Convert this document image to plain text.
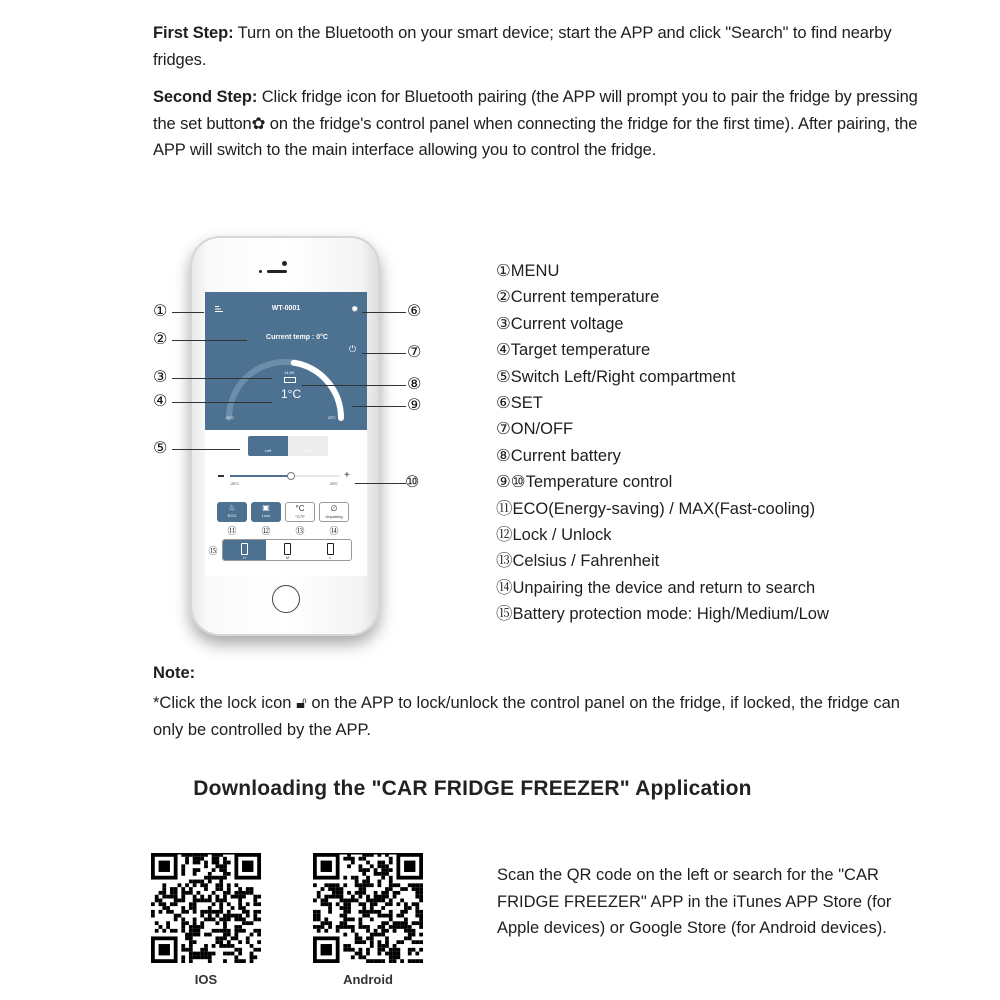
First Step: Turn on the Bluetooth on your smart device; start the APP and click "Search" to find nearby fridges.
Second Step: Click fridge icon for Bluetooth pairing (the APP will prompt you to pair the fridge by pressing the set button✿ on the fridge's control panel when connecting the fridge for the first time). After pairing, the APP will switch to the main interface allowing you to control the fridge.
WT-0001	✹
Current temp : 0°C
⏻
14.8V
1°C
-20°C	20°C
Left	Right
+
-20°C	20°C
♨
ECO
▣
Lock
°C
°C/°F
∅
Unpairing
⑪	⑫	⑬	⑭
⑮
H	M	L
①
②
③
④
⑤
⑥
⑦
⑧
⑨
⑩
①MENU
②Current temperature
③Current voltage
④Target temperature
⑤Switch Left/Right compartment
⑥SET
⑦ON/OFF
⑧Current battery
⑨⑩Temperature control
⑪ECO(Energy-saving) / MAX(Fast-cooling)
⑫Lock / Unlock
⑬Celsius / Fahrenheit
⑭Unpairing the device and return to search
⑮Battery protection mode: High/Medium/Low
Note:
*Click the lock icon 🔓︎ on the APP to lock/unlock the control panel on the fridge, if locked, the fridge can only be controlled by the APP.
Downloading the "CAR FRIDGE FREEZER" Application
IOS	Android
Scan the QR code on the left or search for the "CAR FRIDGE FREEZER" APP in the iTunes APP Store (for Apple devices) or Google Store (for Android devices).
